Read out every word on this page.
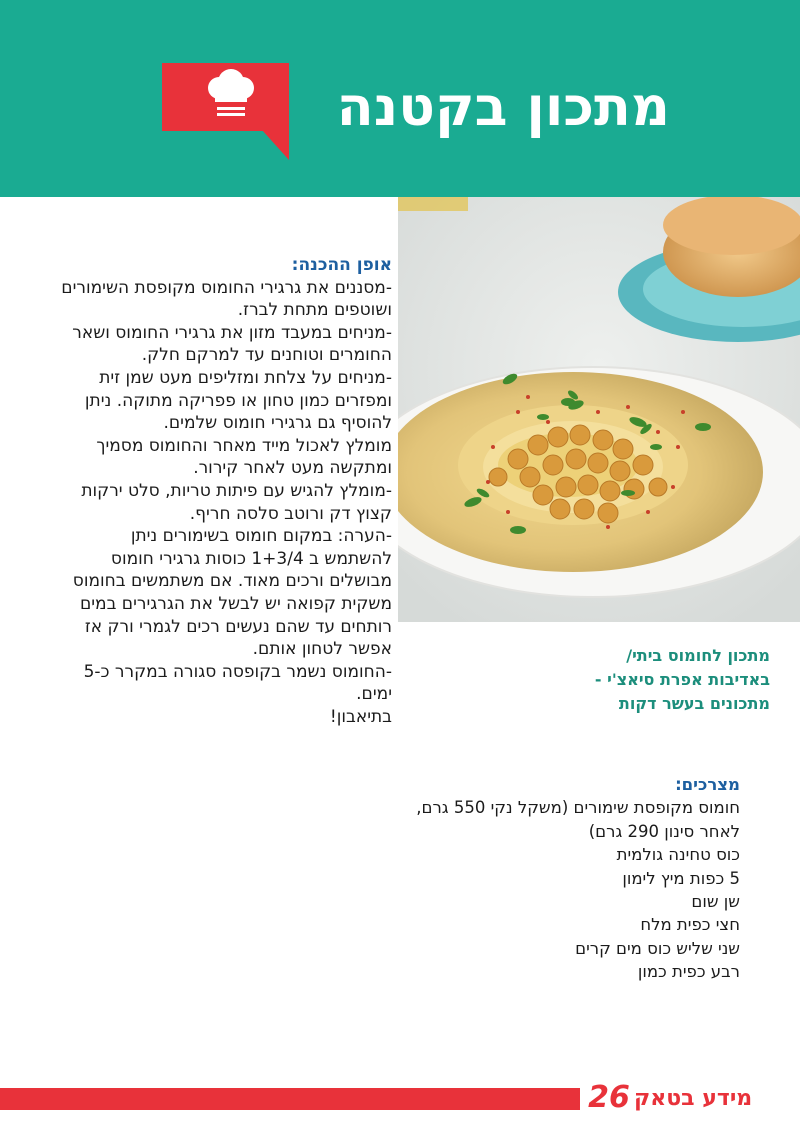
מתכון בקטנה

אופן ההכנה:

-מסננים את גרגירי החומוס מקופסת השימורים

ושוטפים מתחת לברז.

-מניחים במעבד מזון את גרגירי החומוס ושאר

החומרים וטוחנים עד למרקם חלק.

-מניחים על צלחת ומזליפים מעט שמן זית

ומפזרים כמון טחון או פפריקה מתוקה. ניתן

להוסיף גם גרגירי חומוס שלמים.

מומלץ לאכול מייד מאחר והחומוס מסמיך

ומתקשה מעט לאחר קירור.

-מומלץ להגיש עם פיתות טריות, סלט ירקות

קצוץ דק ורוטב סלסה חריף.

-הערה: במקום חומוס בשימורים ניתן

להשתמש ב 1+3/4 כוסות גרגירי חומוס

מבושלים ורכים מאוד. אם משתמשים בחומוס

משקית קפואה יש לבשל את הגרגירים במים

רותחים עד שהם נעשים רכים לגמרי ורק אז

אפשר לטחון אותם.

-החומוס נשמר בקופסה סגורה במקרר כ-5

ימים.

בתיאבון!

מתכון לחומוס ביתי/

באדיבות אפרת סיאצ'י -

מתכונים בעשר דקות

מצרכים:

חומוס מקופסת שימורים (משקל נקי 550 גרם,

לאחר סינון 290 גרם)

כוס טחינה גולמית

5 כפות מיץ לימון

שן שום

חצי כפית מלח

שני שליש כוס מים קרים

רבע כפית כמון

26 מידע בטאק
